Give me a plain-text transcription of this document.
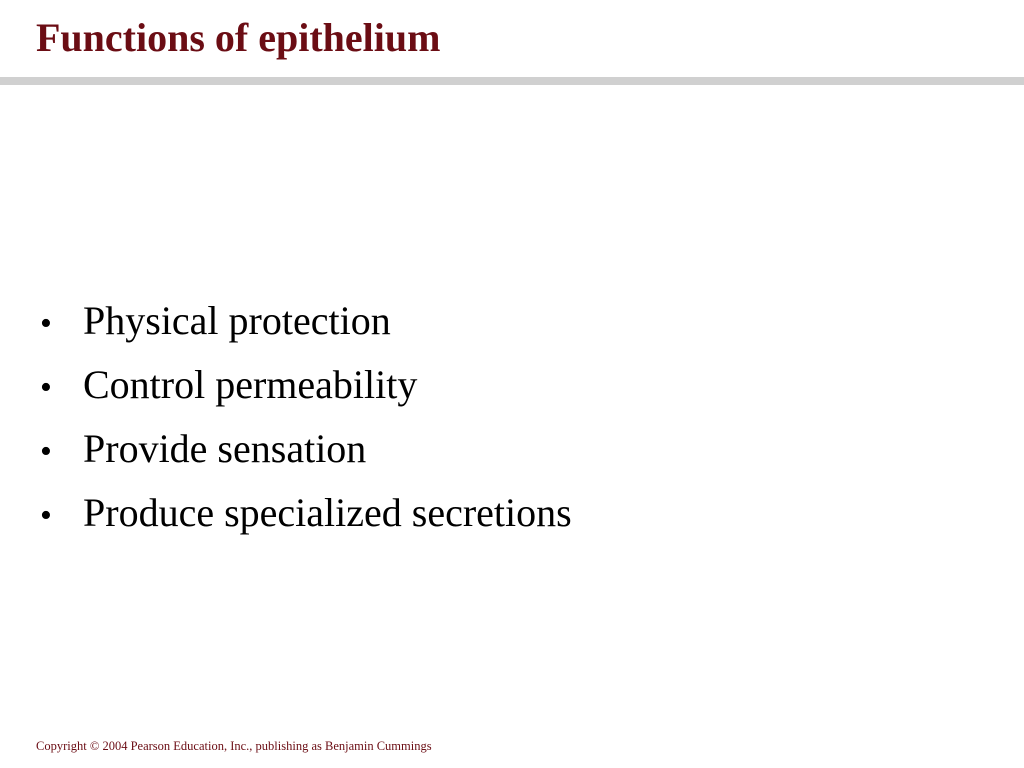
Functions of epithelium
• Physical protection
• Control permeability
• Provide sensation
• Produce specialized secretions
Copyright © 2004 Pearson Education, Inc., publishing as Benjamin Cummings
